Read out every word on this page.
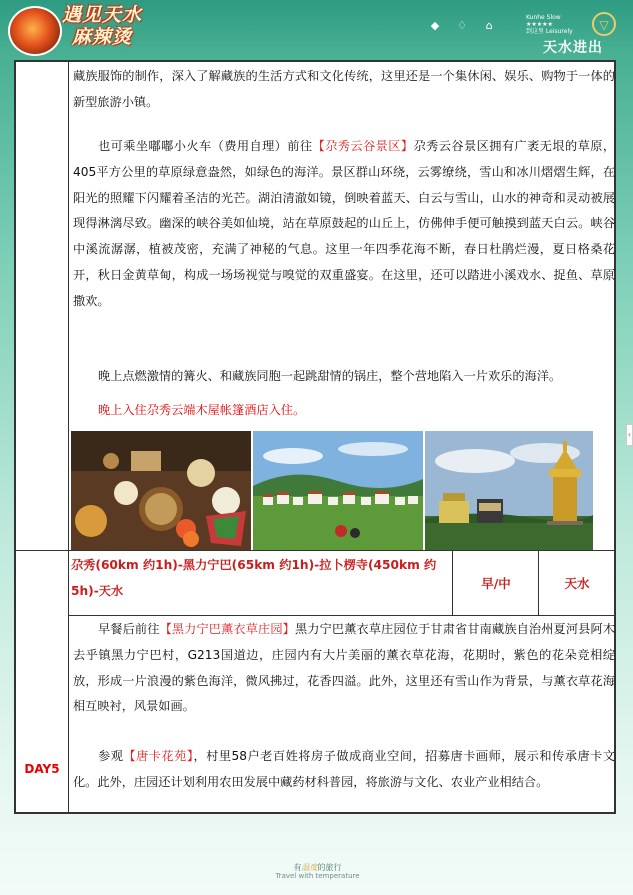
遇见天水
麻辣烫
◆ ♢ ⌂
Kunhe Slow ★★★★★
到这里 Leisurely	▽
天水进出
藏族服饰的制作，深入了解藏族的生活方式和文化传统，这里还是一个集休闲、娱乐、购物于一体的新型旅游小镇。
也可乘坐嘟嘟小火车（费用自理）前往【尕秀云谷景区】尕秀云谷景区拥有广袤无垠的草原，405平方公里的草原绿意盎然，如绿色的海洋。景区群山环绕，云雾缭绕，雪山和冰川熠熠生辉，在阳光的照耀下闪耀着圣洁的光芒。湖泊清澈如镜，倒映着蓝天、白云与雪山，山水的神奇和灵动被展现得淋漓尽致。幽深的峡谷美如仙境，站在草原鼓起的山丘上，仿佛伸手便可触摸到蓝天白云。峡谷中溪流潺潺，植被茂密，充满了神秘的气息。这里一年四季花海不断，春日杜鹃烂漫，夏日格桑花开，秋日金黄草甸，构成一场场视觉与嗅觉的双重盛宴。在这里，还可以踏进小溪戏水、捉鱼、草原撒欢。
晚上点燃激情的篝火、和藏族同胞一起跳甜情的锅庄，整个营地陷入一片欢乐的海洋。
晚上入住尕秀云端木屋帐篷酒店入住。
DAY5
尕秀(60km 约1h)-黑力宁巴(65km 约1h)-拉卜楞寺(450km 约5h)-天水	早/中	天水
早餐后前往【黑力宁巴薰衣草庄园】黑力宁巴薰衣草庄园位于甘肃省甘南藏族自治州夏河县阿木去乎镇黑力宁巴村，G213国道边，庄园内有大片美丽的薰衣草花海，花期时，紫色的花朵竞相绽放，形成一片浪漫的紫色海洋，微风拂过，花香四溢。此外，这里还有雪山作为背景，与薰衣草花海相互映衬，风景如画。
参观【唐卡花苑】，村里58户老百姓将房子做成商业空间，招募唐卡画师，展示和传承唐卡文化。此外，庄园还计划利用农田发展中藏药材科普园，将旅游与文化、农业产业相结合。
‹
有温度的旅行
Travel with temperature
